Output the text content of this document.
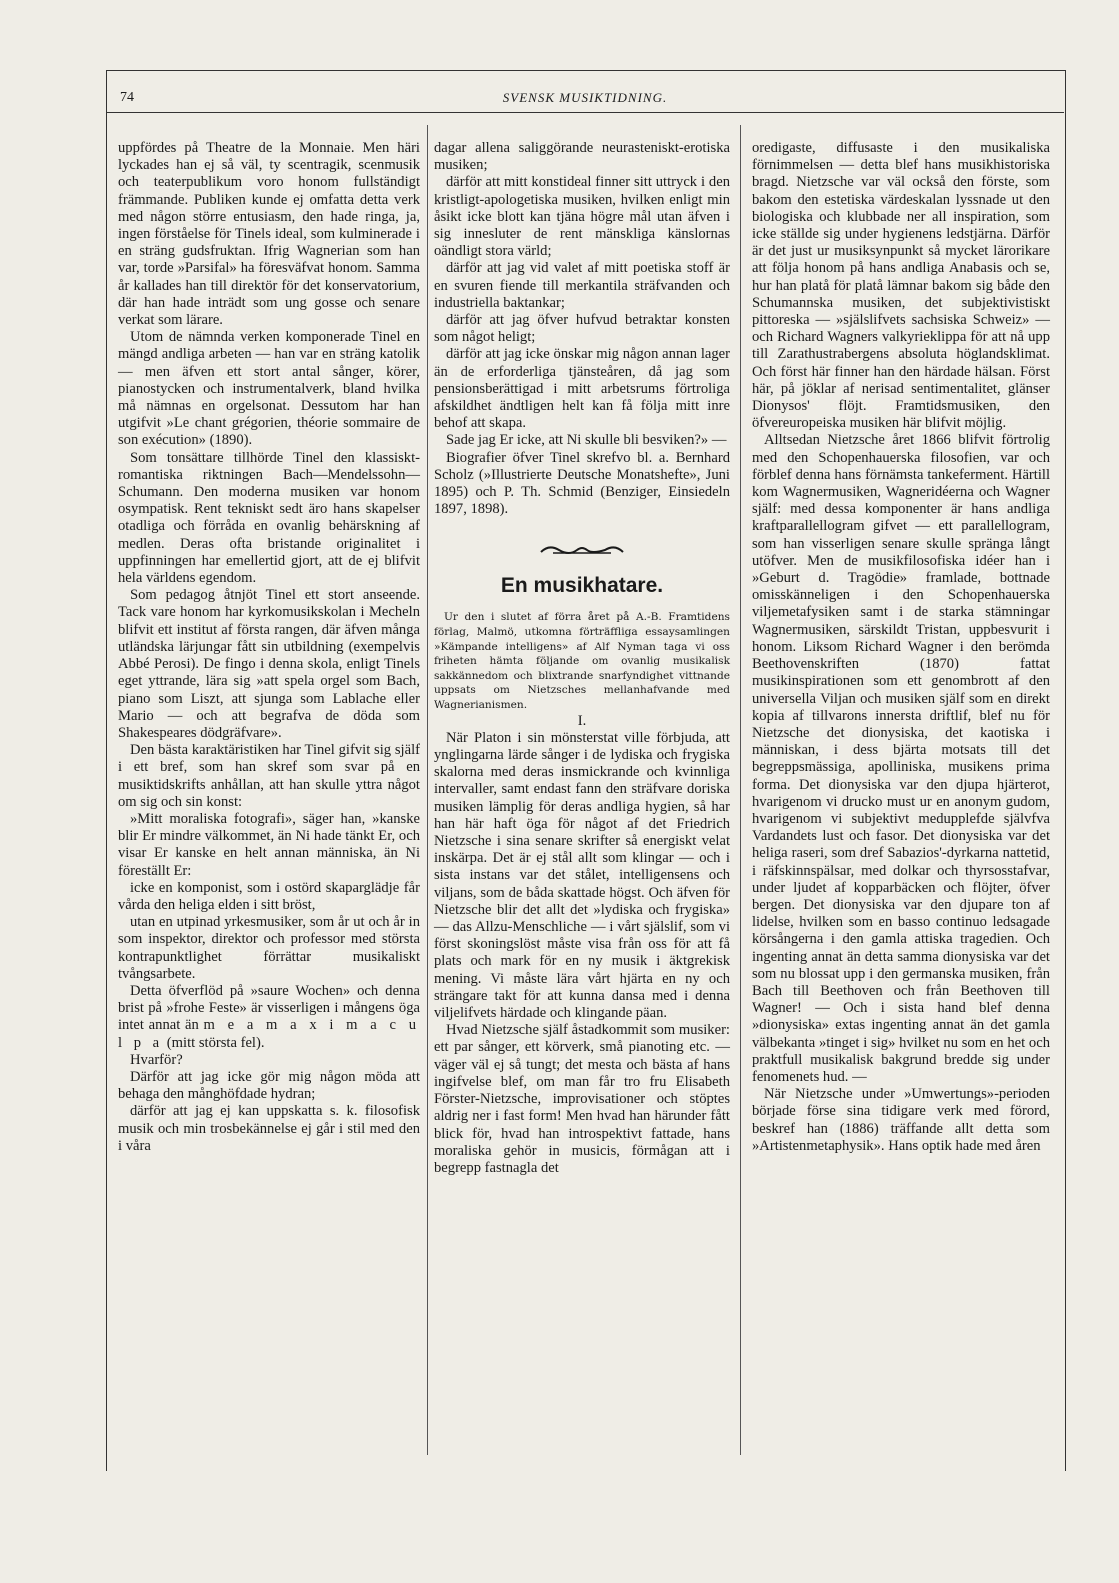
74	SVENSK MUSIKTIDNING.

uppfördes på Theatre de la Monnaie. Men häri lyckades han ej så väl, ty scentragik, scenmusik och teaterpublikum voro honom fullständigt främmande. Publiken kunde ej omfatta detta verk med någon större entusiasm, den hade ringa, ja, ingen förståelse för Tinels ideal, som kulminerade i en sträng gudsfruktan. Ifrig Wagnerian som han var, torde »Parsifal» ha föresväfvat honom. Samma år kallades han till direktör för det konservatorium, där han hade inträdt som ung gosse och senare verkat som lärare.

Utom de nämnda verken komponerade Tinel en mängd andliga arbeten — han var en sträng katolik — men äfven ett stort antal sånger, körer, pianostycken och instrumentalverk, bland hvilka må nämnas en orgelsonat. Dessutom har han utgifvit »Le chant grégorien, théorie sommaire de son exécution» (1890).

Som tonsättare tillhörde Tinel den klassiskt-romantiska riktningen Bach—Mendelssohn—Schumann. Den moderna musiken var honom osympatisk. Rent tekniskt sedt äro hans skapelser otadliga och förråda en ovanlig behärskning af medlen. Deras ofta bristande originalitet i uppfinningen har emellertid gjort, att de ej blifvit hela världens egendom.

Som pedagog åtnjöt Tinel ett stort anseende. Tack vare honom har kyrkomusikskolan i Mecheln blifvit ett institut af första rangen, där äfven många utländska lärjungar fått sin utbildning (exempelvis Abbé Perosi). De fingo i denna skola, enligt Tinels eget yttrande, lära sig »att spela orgel som Bach, piano som Liszt, att sjunga som Lablache eller Mario — och att begrafva de döda som Shakespeares dödgräfvare».

Den bästa karaktäristiken har Tinel gifvit sig själf i ett bref, som han skref som svar på en musiktidskrifts anhållan, att han skulle yttra något om sig och sin konst:

»Mitt moraliska fotografi», säger han, »kanske blir Er mindre välkommet, än Ni hade tänkt Er, och visar Er kanske en helt annan människa, än Ni föreställt Er:

icke en komponist, som i ostörd skaparglädje får vårda den heliga elden i sitt bröst,

utan en utpinad yrkesmusiker, som år ut och år in som inspektor, direktor och professor med största kontrapunktlighet förrättar musikaliskt tvångsarbete.

Detta öfverflöd på »saure Wochen» och denna brist på »frohe Feste» är visserligen i mångens öga intet annat än m e a m a x i m a c u l p a (mitt största fel).

Hvarför?

Därför att jag icke gör mig någon möda att behaga den månghöfdade hydran;

därför att jag ej kan uppskatta s. k. filosofisk musik och min trosbekännelse ej går i stil med den i våra

dagar allena saliggörande neurasteniskt-erotiska musiken;

därför att mitt konstideal finner sitt uttryck i den kristligt-apologetiska musiken, hvilken enligt min åsikt icke blott kan tjäna högre mål utan äfven i sig innesluter de rent mänskliga känslornas oändligt stora värld;

därför att jag vid valet af mitt poetiska stoff är en svuren fiende till merkantila sträfvanden och industriella baktankar;

därför att jag öfver hufvud betraktar konsten som något heligt;

därför att jag icke önskar mig någon annan lager än de erforderliga tjänsteåren, då jag som pensionsberättigad i mitt arbetsrums förtroliga afskildhet ändtligen helt kan få följa mitt inre behof att skapa.

Sade jag Er icke, att Ni skulle bli besviken?» —

Biografier öfver Tinel skrefvo bl. a. Bernhard Scholz (»Illustrierte Deutsche Monatshefte», Juni 1895) och P. Th. Schmid (Benziger, Einsiedeln 1897, 1898).

En musikhatare.

Ur den i slutet af förra året på A.-B. Framtidens förlag, Malmö, utkomna förträffliga essaysamlingen »Kämpande intelligens» af Alf Nyman taga vi oss friheten hämta följande om ovanlig musikalisk sakkännedom och blixtrande snarfyndighet vittnande uppsats om Nietzsches mellanhafvande med Wagnerianismen.

I.

När Platon i sin mönsterstat ville förbjuda, att ynglingarna lärde sånger i de lydiska och frygiska skalorna med deras insmickrande och kvinnliga intervaller, samt endast fann den sträfvare doriska musiken lämplig för deras andliga hygien, så har han här haft öga för något af det Friedrich Nietzsche i sina senare skrifter så energiskt velat inskärpa. Det är ej stål allt som klingar — och i sista instans var det stålet, intelligensens och viljans, som de båda skattade högst. Och äfven för Nietzsche blir det allt det »lydiska och frygiska» — das Allzu-Menschliche — i vårt själslif, som vi först skoningslöst måste visa från oss för att få plats och mark för en ny musik i äktgrekisk mening. Vi måste lära vårt hjärta en ny och strängare takt för att kunna dansa med i denna viljelifvets härdade och klingande päan.

Hvad Nietzsche själf åstadkommit som musiker: ett par sånger, ett körverk, små pianoting etc. — väger väl ej så tungt; det mesta och bästa af hans ingifvelse blef, om man får tro fru Elisabeth Förster-Nietzsche, improvisationer och stöptes aldrig ner i fast form! Men hvad han härunder fått blick för, hvad han introspektivt fattade, hans moraliska gehör in musicis, förmågan att i begrepp fastnagla det

oredigaste, diffusaste i den musikaliska förnimmelsen — detta blef hans musikhistoriska bragd. Nietzsche var väl också den förste, som bakom den estetiska värdeskalan lyssnade ut den biologiska och klubbade ner all inspiration, som icke ställde sig under hygienens ledstjärna. Därför är det just ur musiksynpunkt så mycket lärorikare att följa honom på hans andliga Anabasis och se, hur han platå för platå lämnar bakom sig både den Schumannska musiken, det subjektivistiskt pittoreska — »själslifvets sachsiska Schweiz» — och Richard Wagners valkyrieklippa för att nå upp till Zarathustrabergens absoluta höglandsklimat. Och först här finner han den härdade hälsan. Först här, på jöklar af nerisad sentimentalitet, glänser Dionysos' flöjt. Framtidsmusiken, den öfvereuropeiska musiken här blifvit möjlig.

Alltsedan Nietzsche året 1866 blifvit förtrolig med den Schopenhauerska filosofien, var och förblef denna hans förnämsta tankeferment. Härtill kom Wagnermusiken, Wagneridéerna och Wagner själf: med dessa komponenter är hans andliga kraftparallellogram gifvet — ett parallellogram, som han visserligen senare skulle spränga långt utöfver. Men de musikfilosofiska idéer han i »Geburt d. Tragödie» framlade, bottnade omisskänneligen i den Schopenhauerska viljemetafysiken samt i de starka stämningar Wagnermusiken, särskildt Tristan, uppbesvurit i honom. Liksom Richard Wagner i den berömda Beethovenskriften (1870) fattat musikinspirationen som ett genombrott af den universella Viljan och musiken själf som en direkt kopia af tillvarons innersta driftlif, blef nu för Nietzsche det dionysiska, det kaotiska i människan, i dess bjärta motsats till det begreppsmässiga, apolliniska, musikens prima forma. Det dionysiska var den djupa hjärterot, hvarigenom vi drucko must ur en anonym gudom, hvarigenom vi subjektivt medupplefde självfva Vardandets lust och fasor. Det dionysiska var det heliga raseri, som dref Sabazios'-dyrkarna nattetid, i räfskinnspälsar, med dolkar och thyrsosstafvar, under ljudet af kopparbäcken och flöjter, öfver bergen. Det dionysiska var den djupare ton af lidelse, hvilken som en basso continuo ledsagade körsångerna i den gamla attiska tragedien. Och ingenting annat än detta samma dionysiska var det som nu blossat upp i den germanska musiken, från Bach till Beethoven och från Beethoven till Wagner! — Och i sista hand blef denna »dionysiska» extas ingenting annat än det gamla välbekanta »tinget i sig» hvilket nu som en het och praktfull musikalisk bakgrund bredde sig under fenomenets hud. —

När Nietzsche under »Umwertungs»-perioden började förse sina tidigare verk med förord, beskref han (1886) träffande allt detta som »Artistenmetaphysik». Hans optik hade med åren
